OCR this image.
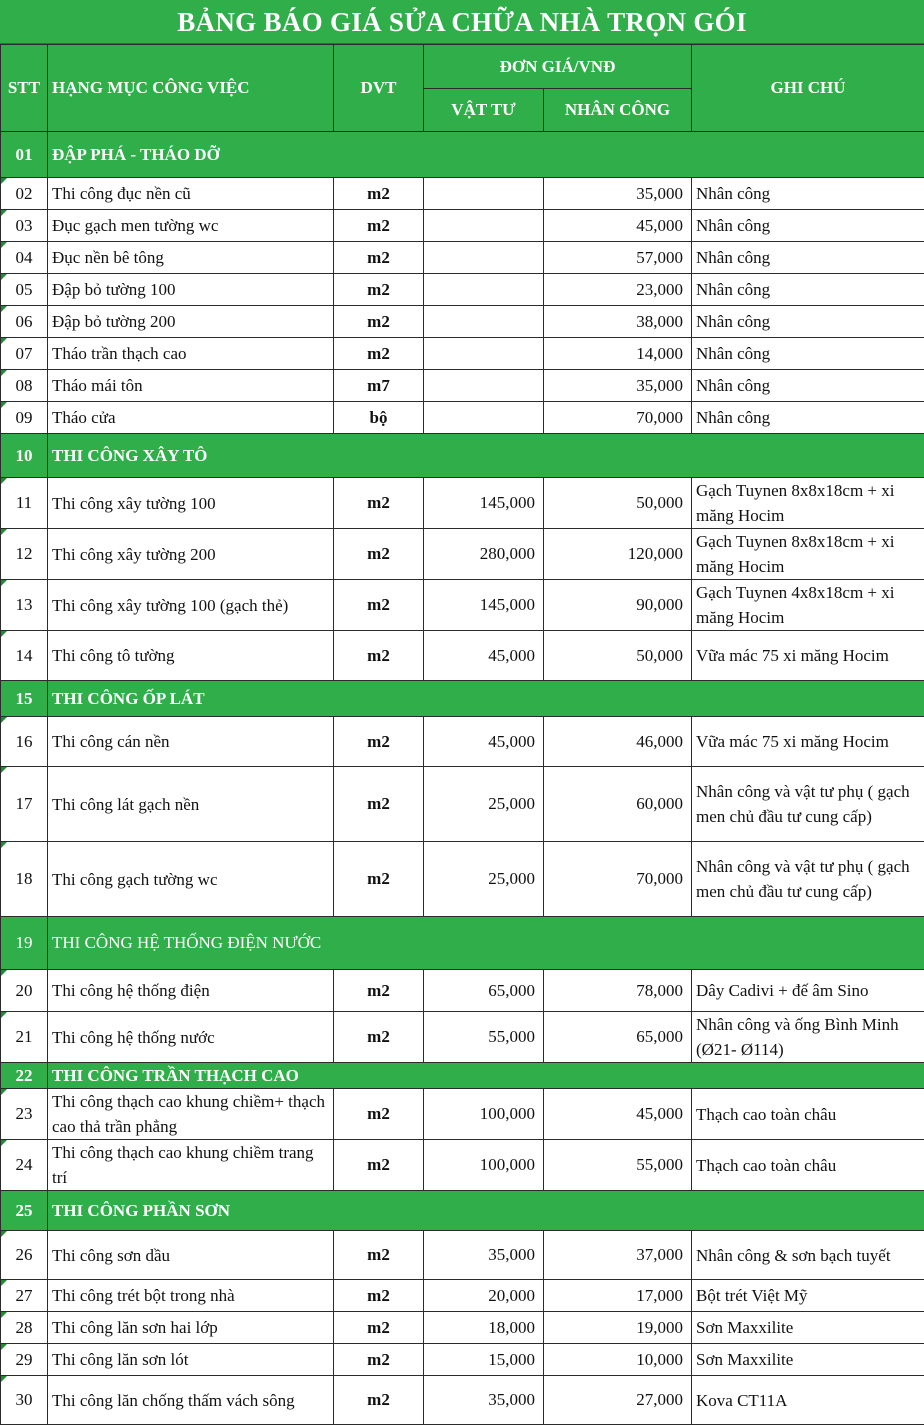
BẢNG BÁO GIÁ SỬA CHỮA NHÀ TRỌN GÓI
STT	HẠNG MỤC CÔNG VIỆC	DVT	ĐƠN GIÁ/VNĐ		GHI CHÚ
			VẬT TƯ	NHÂN CÔNG	
01	ĐẬP PHÁ - THÁO DỠ				
02	Thi công đục nền cũ	m2		35,000	Nhân công
03	Đục gạch men tường wc	m2		45,000	Nhân công
04	Đục nền bê tông	m2		57,000	Nhân công
05	Đập bỏ tường 100	m2		23,000	Nhân công
06	Đập bỏ tường 200	m2		38,000	Nhân công
07	Tháo trần thạch cao	m2		14,000	Nhân công
08	Tháo mái tôn	m7		35,000	Nhân công
09	Tháo cửa	bộ		70,000	Nhân công
10	THI CÔNG XÂY TÔ				
11	Thi công xây tường 100	m2	145,000	50,000	Gạch Tuynen 8x8x18cm + xi măng Hocim
12	Thi công xây tường 200	m2	280,000	120,000	Gạch Tuynen 8x8x18cm + xi măng Hocim
13	Thi công xây tường 100 (gạch thẻ)	m2	145,000	90,000	Gạch Tuynen 4x8x18cm + xi măng Hocim
14	Thi công tô tường	m2	45,000	50,000	Vữa mác 75 xi măng Hocim
15	THI CÔNG ỐP LÁT				
16	Thi công cán nền	m2	45,000	46,000	Vữa mác 75 xi măng Hocim
17	Thi công lát gạch nền	m2	25,000	60,000	Nhân công và vật tư phụ ( gạch men chủ đầu tư cung cấp)
18	Thi công gạch tường wc	m2	25,000	70,000	Nhân công và vật tư phụ ( gạch men chủ đầu tư cung cấp)
19	THI CÔNG HỆ THỐNG ĐIỆN NƯỚC				
20	Thi công hệ thống điện	m2	65,000	78,000	Dây Cadivi + đế âm Sino
21	Thi công hệ thống nước	m2	55,000	65,000	Nhân công và ống Bình Minh (Ø21- Ø114)
22	THI CÔNG TRẦN THẠCH CAO				
23	Thi công thạch cao khung chiềm+ thạch cao thả trần phẳng	m2	100,000	45,000	Thạch cao toàn châu
24	Thi công thạch cao khung chiềm trang trí	m2	100,000	55,000	Thạch cao toàn châu
25	THI CÔNG PHẦN SƠN				
26	Thi công sơn dầu	m2	35,000	37,000	Nhân công & sơn bạch tuyết
27	Thi công trét bột trong nhà	m2	20,000	17,000	Bột trét Việt Mỹ
28	Thi công lăn sơn hai lớp	m2	18,000	19,000	Sơn Maxxilite
29	Thi công lăn sơn lót	m2	15,000	10,000	Sơn Maxxilite
30	Thi công lăn chống thấm vách sông	m2	35,000	27,000	Kova CT11A
